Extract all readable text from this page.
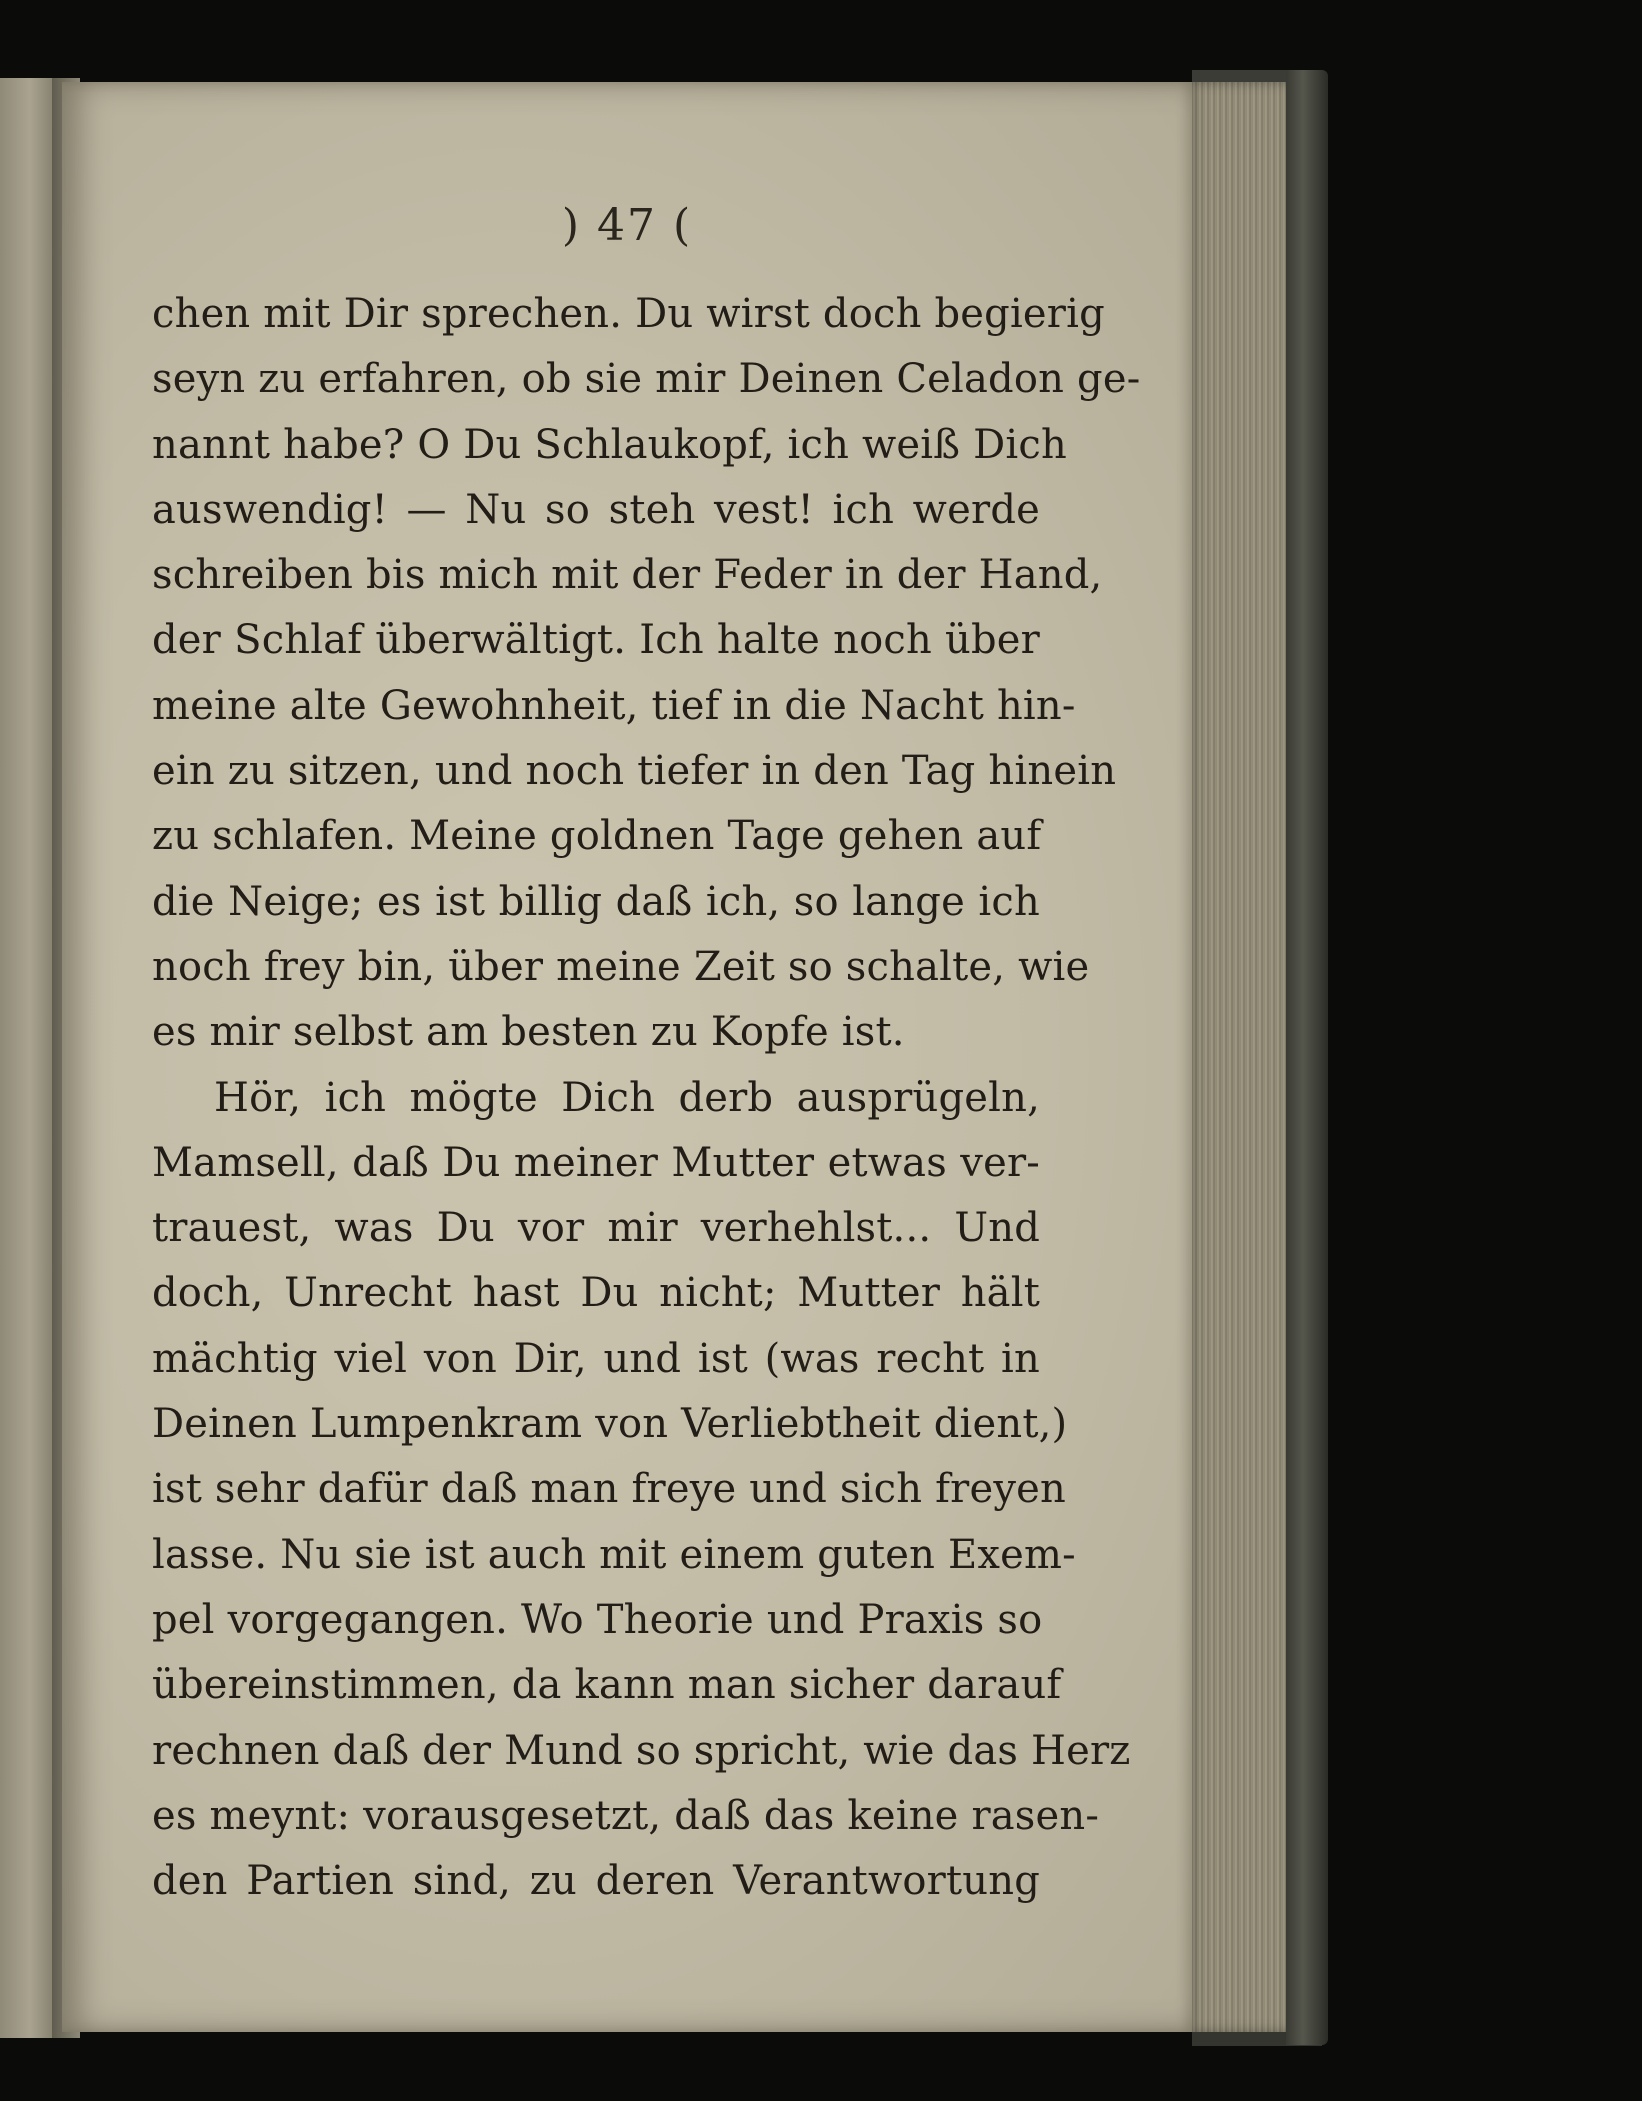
) 47 (
chen mit Dir sprechen. Du wirst doch begierig
seyn zu erfahren, ob sie mir Deinen Celadon ge-
nannt habe? O Du Schlaukopf, ich weiß Dich
auswendig! — Nu so steh vest! ich werde
schreiben bis mich mit der Feder in der Hand,
der Schlaf überwältigt. Ich halte noch über
meine alte Gewohnheit, tief in die Nacht hin-
ein zu sitzen, und noch tiefer in den Tag hinein
zu schlafen. Meine goldnen Tage gehen auf
die Neige; es ist billig daß ich, so lange ich
noch frey bin, über meine Zeit so schalte, wie
es mir selbst am besten zu Kopfe ist.
Hör, ich mögte Dich derb ausprügeln,
Mamsell, daß Du meiner Mutter etwas ver-
trauest, was Du vor mir verhehlst... Und
doch, Unrecht hast Du nicht; Mutter hält
mächtig viel von Dir, und ist (was recht in
Deinen Lumpenkram von Verliebtheit dient,)
ist sehr dafür daß man freye und sich freyen
lasse. Nu sie ist auch mit einem guten Exem-
pel vorgegangen. Wo Theorie und Praxis so
übereinstimmen, da kann man sicher darauf
rechnen daß der Mund so spricht, wie das Herz
es meynt: vorausgesetzt, daß das keine rasen-
den Partien sind, zu deren Verantwortung
